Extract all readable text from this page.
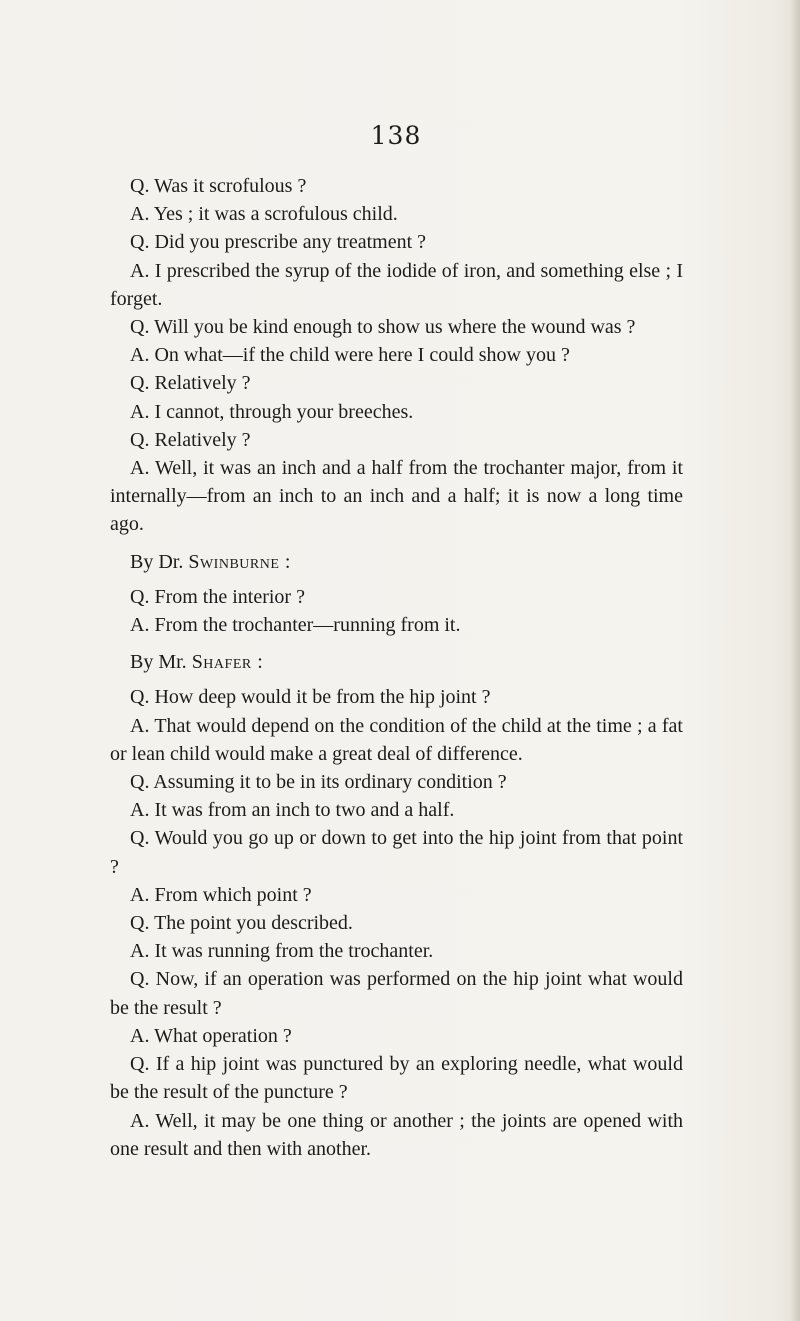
138

Q. Was it scrofulous ?

A. Yes ; it was a scrofulous child.

Q. Did you prescribe any treatment ?

A. I prescribed the syrup of the iodide of iron, and something else ; I forget.

Q. Will you be kind enough to show us where the wound was ?

A. On what—if the child were here I could show you ?

Q. Relatively ?

A. I cannot, through your breeches.

Q. Relatively ?

A. Well, it was an inch and a half from the trochanter major, from it internally—from an inch to an inch and a half; it is now a long time ago.

By Dr. Swinburne :

Q. From the interior ?

A. From the trochanter—running from it.

By Mr. Shafer :

Q. How deep would it be from the hip joint ?

A. That would depend on the condition of the child at the time ; a fat or lean child would make a great deal of difference.

Q. Assuming it to be in its ordinary condition ?

A. It was from an inch to two and a half.

Q. Would you go up or down to get into the hip joint from that point ?

A. From which point ?

Q. The point you described.

A. It was running from the trochanter.

Q. Now, if an operation was performed on the hip joint what would be the result ?

A. What operation ?

Q. If a hip joint was punctured by an exploring needle, what would be the result of the puncture ?

A. Well, it may be one thing or another ; the joints are opened with one result and then with another.
